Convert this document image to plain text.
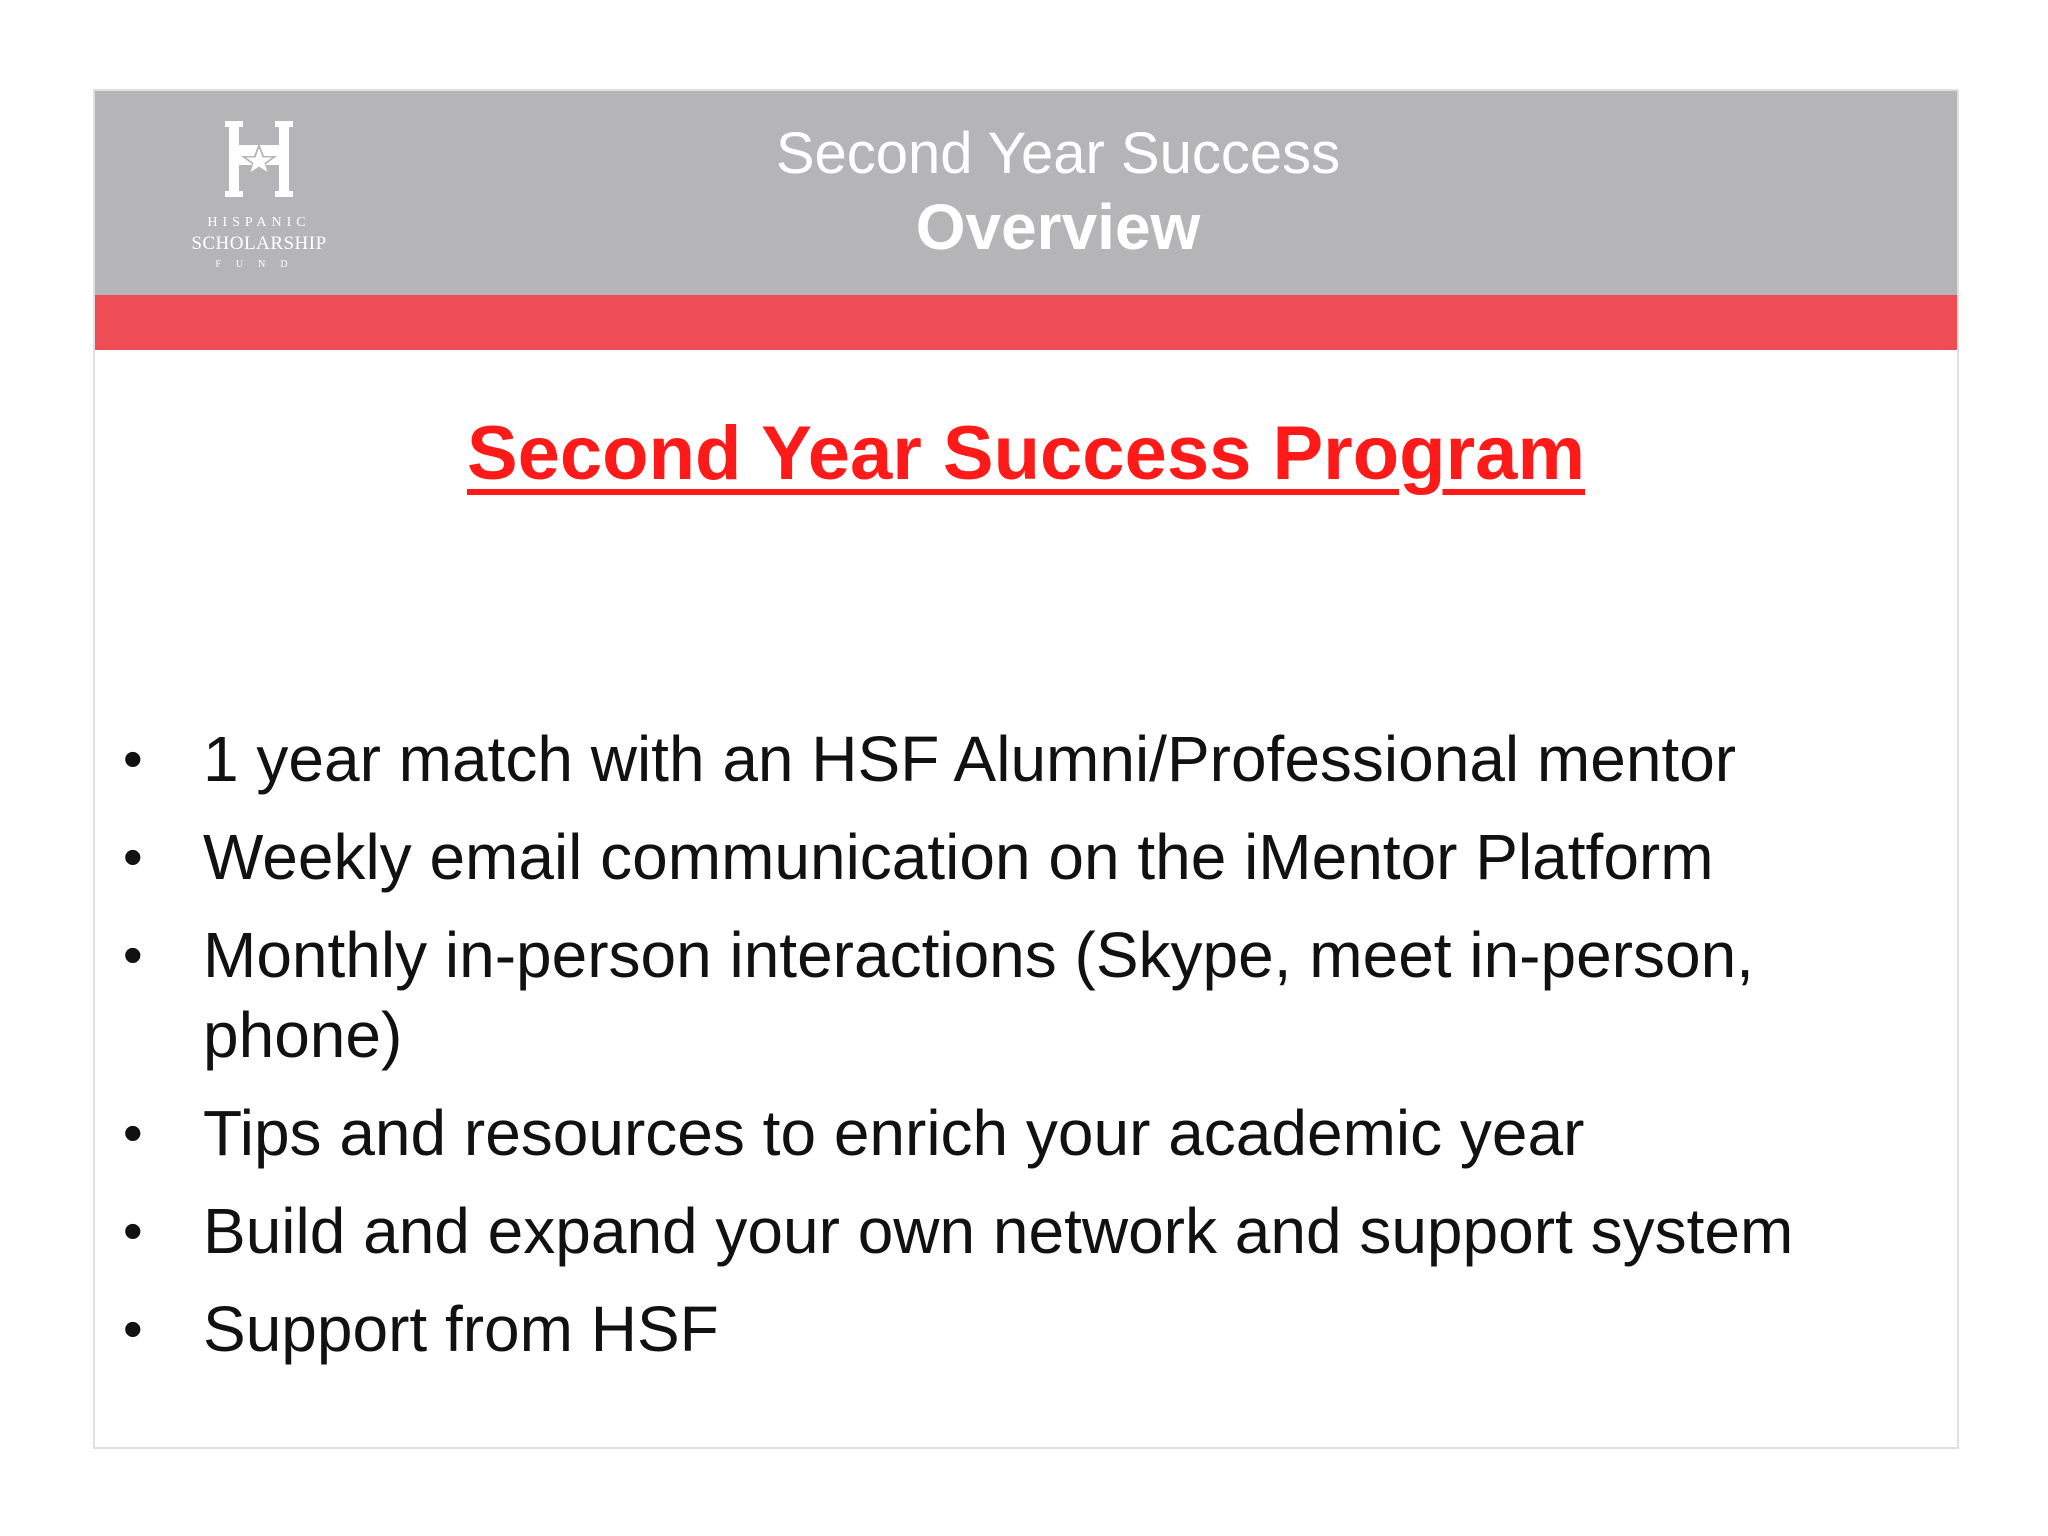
HISPANIC
SCHOLARSHIP
FUND
Second Year Success
Overview
Second Year Success Program
• 1 year match with an HSF Alumni/Professional mentor
• Weekly email communication on the iMentor Platform
• Monthly in-person interactions (Skype, meet in-person, phone)
• Tips and resources to enrich your academic year
• Build and expand your own network and support system
• Support from HSF
